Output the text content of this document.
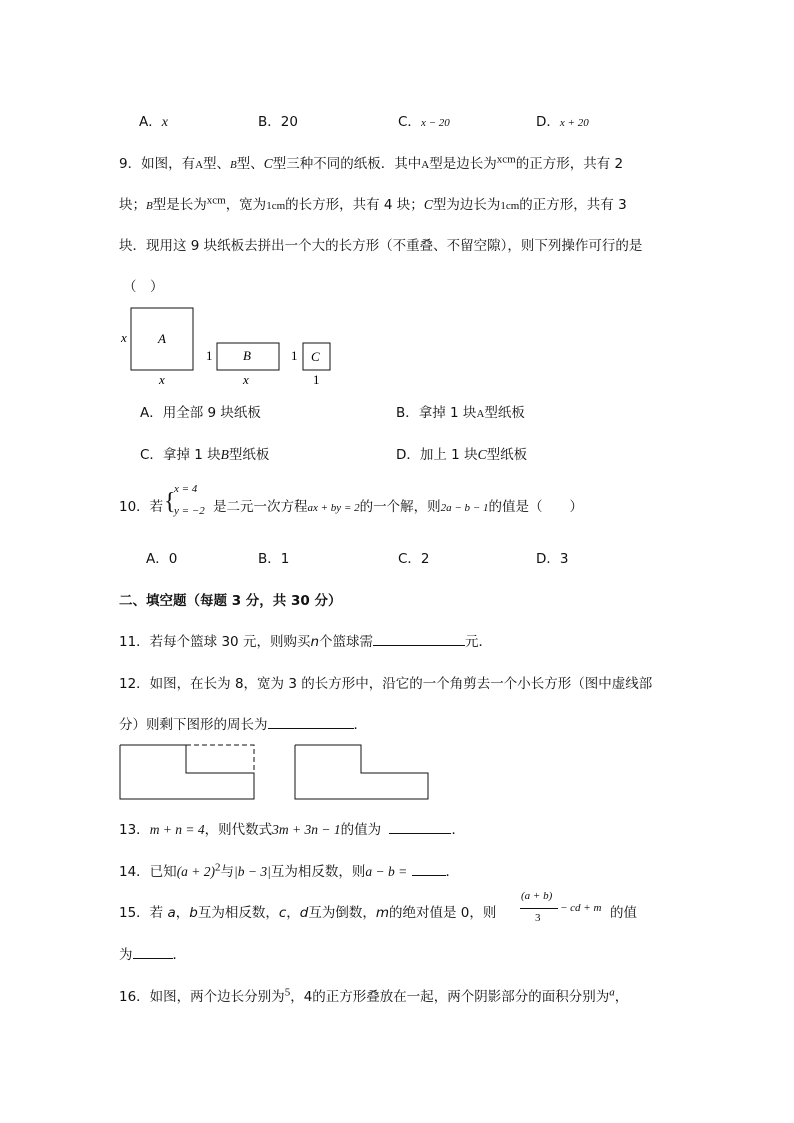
A．x	B．20	C．x − 20	D．x + 20
9．如图，有A型、B型、C型三种不同的纸板．其中A型是边长为$^{xcm}$的正方形，共有 2
块；B型是长为$^{xcm}$，宽为1cm的长方形，共有 4 块；C型为边长为1cm的正方形，共有 3
块．现用这 9 块纸板去拼出一个大的长方形（不重叠、不留空隙），则下列操作可行的是
（　）
x A
x
1 B
x
1 C
1
A．用全部 9 块纸板	B．拿掉 1 块A型纸板
C．拿掉 1 块B型纸板	D．加上 1 块C型纸板
10．若 {
x = 4
y = −2 是二元一次方程ax + by = 2的一个解，则2a − b − 1的值是（　　）
A．0	B．1	C．2	D．3
二、填空题（每题 3 分，共 30 分）
11．若每个篮球 30 元，则购买n个篮球需	元．
12．如图，在长为 8，宽为 3 的长方形中，沿它的一个角剪去一个小长方形（图中虚线部
分）则剩下图形的周长为	．
13．m + n = 4，则代数式3m + 3n − 1的值为	．
14．已知$(a + 2)^2$与|b − 3|互为相反数，则a − b =	．
15．若 a，b互为相反数，c，d互为倒数，m的绝对值是 0，则
(a + b)
3
− cd + m 的值
为	．
16．如图，两个边长分别为$^5$，4的正方形叠放在一起，两个阴影部分的面积分别为$^a$，
